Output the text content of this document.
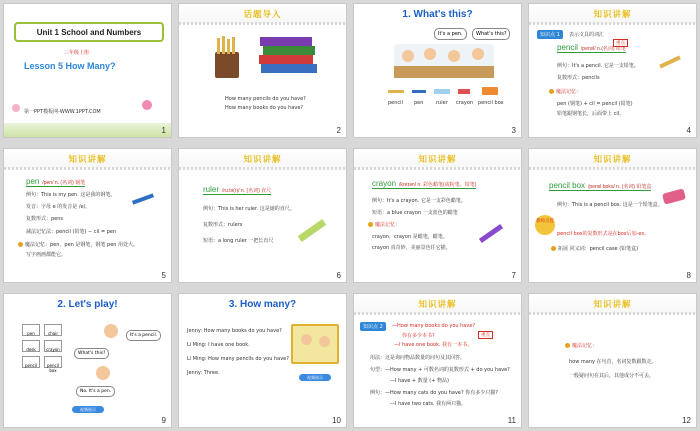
Unit 1 School and Numbers
三年级上册
Lesson 5 How Many?
第一PPT模板网-WWW.1PPT.COM
1
话题导入
How many pencils do you have?
How many books do you have?
2
1. What's this?
It's a pen.	What's this?
pencil pen	ruler crayon pencil box
3
知识讲解
知识点 1	表示文具的词汇
重点
pencil /pensl/ n.(名词) 铅笔
例句：It's a pencil. 它是一支铅笔。
复数形式：pencils
魔法记忆：
pen (钢笔) + cil = pencil (铅笔)
铅笔跟钢笔长，后面带上 cil。
4
知识讲解
pen /pen/ n. (名词) 钢笔
例句：This is my pen. 这是我的钢笔。
发音：字母 e 的发音是 /e/。
复数形式：pens
减法记忆法：pencil (铅笔) − cil = pen
魔法记忆：pen，pen 是钢笔，钢笔 pen 用处大。
写字画画都能它。
5
知识讲解
ruler /ruːlə(r)/ n. (名词) 直尺
例句：This is her ruler. 这是她的直尺。
复数形式：rulers
短语：a long ruler 一把长直尺
6
知识讲解
crayon /kreɪən/ n. 彩色蜡笔(或粉笔、铅笔)
例句：It's a crayon. 它是一支彩色蜡笔。
短语：a blue crayon 一支蓝色的蜡笔
魔法记忆：
crayon，crayon 是蜡笔，蜡笔。
crayon 真奇妙，美丽景色任它描。
7
知识讲解
pencil box /pensl bɒks/ n. (名词) 铅笔盒
教师点拨
例句：This is a pencil box. 这是一个铅笔盒。
pencil box的复数形式是在box后加-es。
拓展 同义词：pencil case (铅笔盒)
8
2. Let's play!
pen	chair
desk	crayon
pencil	pencil box
It's a pencil.
What's this?
No. It's a pen.
视频展示
9
3. How many?
Jenny: How many books do you have?
Li Ming: I have one book.
Li Ming: How many pencils do you have?
Jenny: Three.
视频展示
10
知识讲解
知识点 2	—How many books do you have?
重点
你有多少本书?
—I have one book. 我有一本书。
用法：这是询问物品数量的问句及其回答。
句型：—How many + 可数名词的复数形式 + do you have?
—I have + 数量 (+ 物品)
例句：—How many cats do you have? 你有多少只猫?
—I have two cats. 我有两只猫。
11
知识讲解
魔法记忆：
how many 在句首，名词复数跟数走。
一般疑问句在其后，其他成分不可丢。
12
